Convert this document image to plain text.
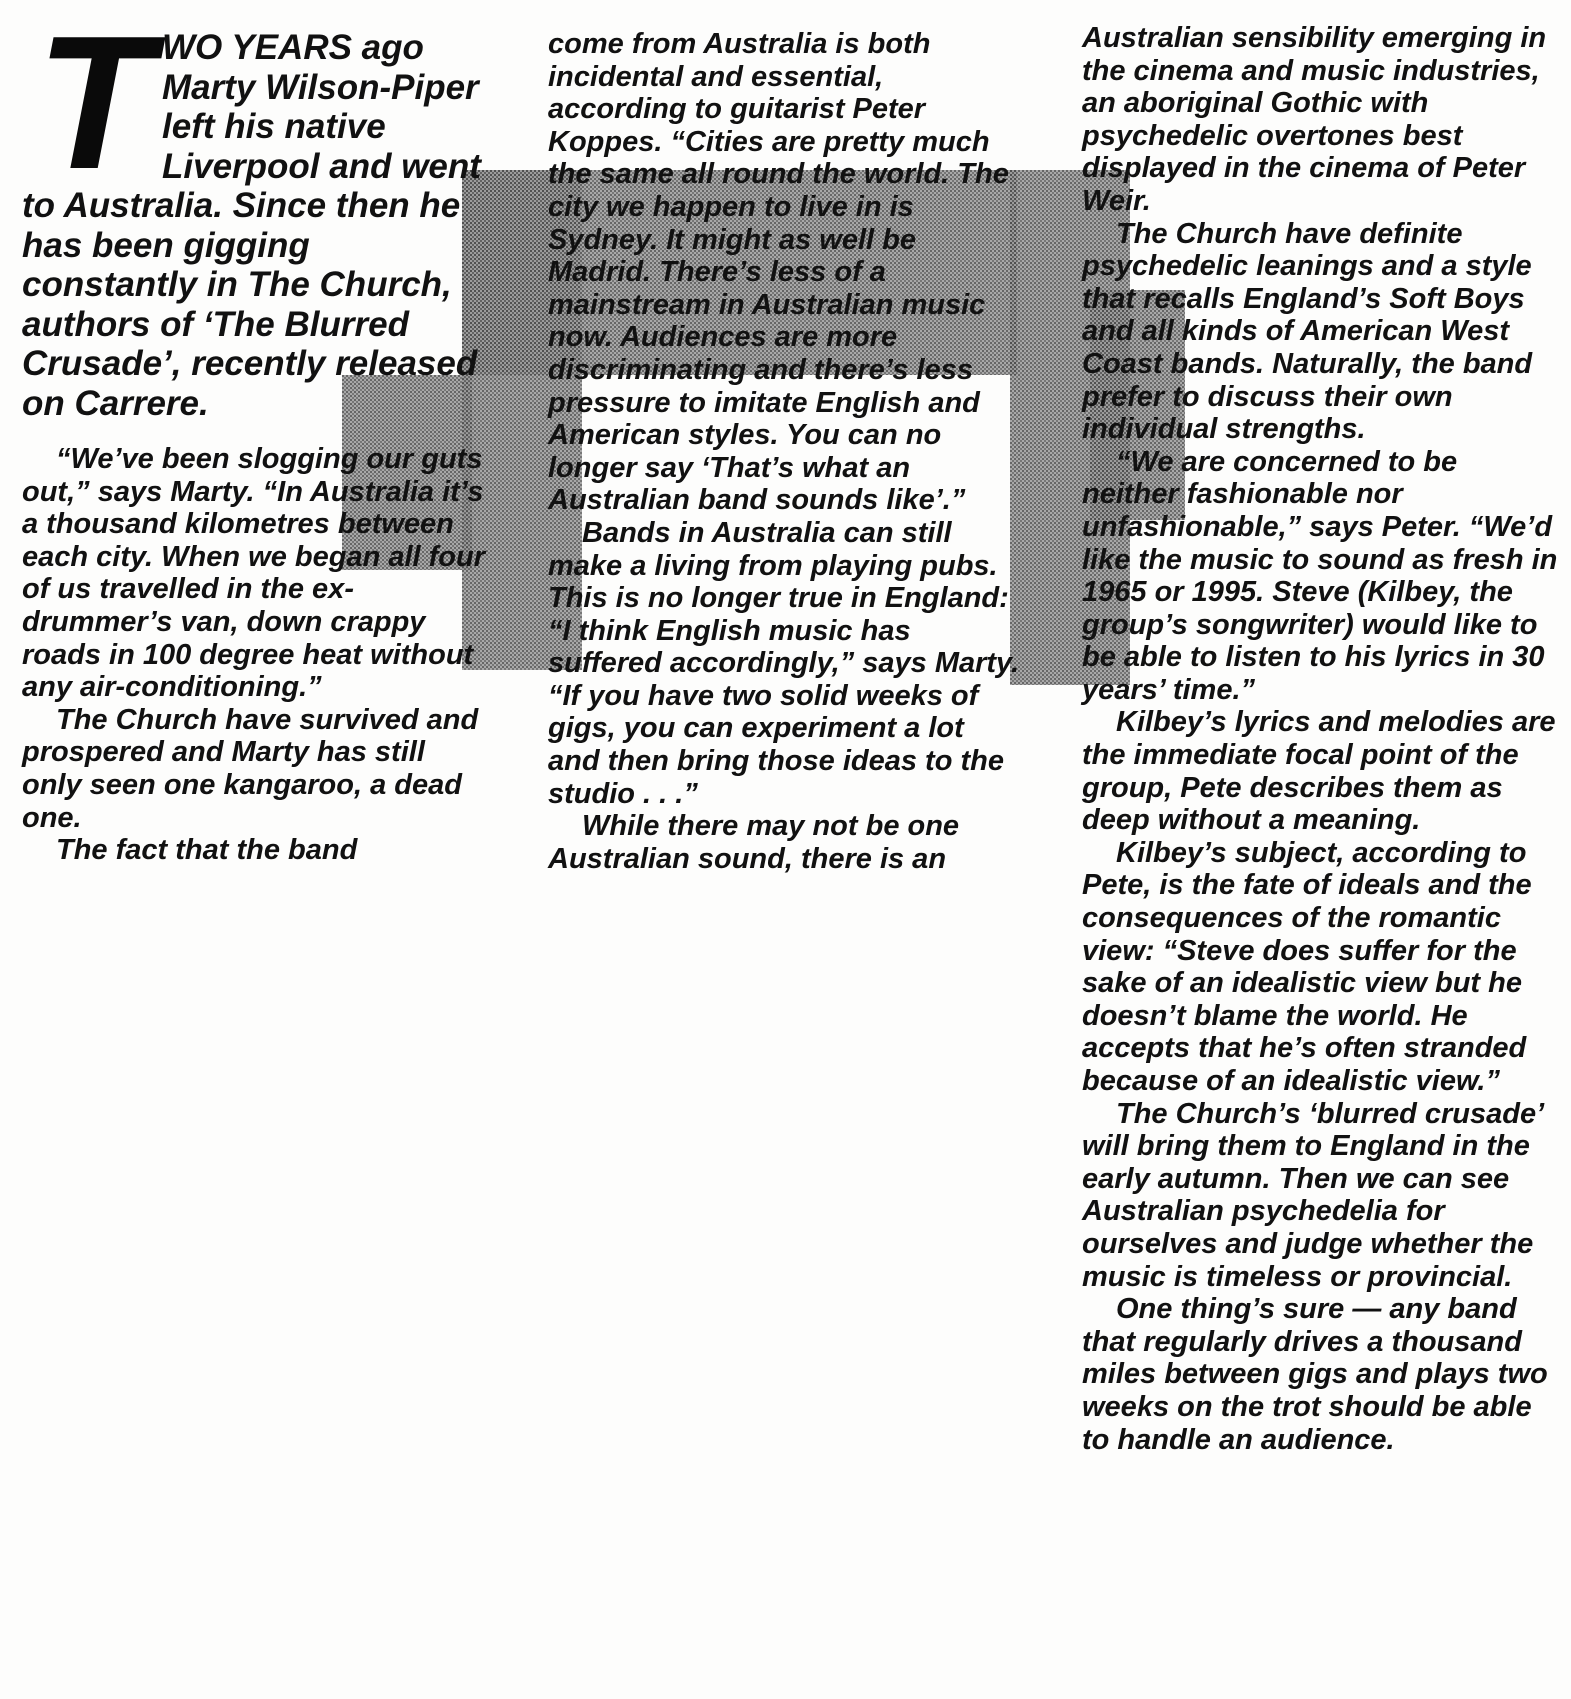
T WO YEARS ago Marty Wilson-Piper left his native Liverpool and went to Australia. Since then he has been gigging constantly in The Church, authors of ‘The Blurred Crusade’, recently released on Carrere.

“We’ve been slogging our guts out,” says Marty. “In Australia it’s a thousand kilometres between each city. When we began all four of us travelled in the ex-drummer’s van, down crappy roads in 100 degree heat without any air-conditioning.”

The Church have survived and prospered and Marty has still only seen one kangaroo, a dead one.

The fact that the band

come from Australia is both incidental and essential, according to guitarist Peter Koppes. “Cities are pretty much the same all round the world. The city we happen to live in is Sydney. It might as well be Madrid. There’s less of a mainstream in Australian music now. Audiences are more discriminating and there’s less pressure to imitate English and American styles. You can no longer say ‘That’s what an Australian band sounds like’.”

Bands in Australia can still make a living from playing pubs. This is no longer true in England: “I think English music has suffered accordingly,” says Marty. “If you have two solid weeks of gigs, you can experiment a lot and then bring those ideas to the studio . . .”

While there may not be one Australian sound, there is an

Australian sensibility emerging in the cinema and music industries, an aboriginal Gothic with psychedelic overtones best displayed in the cinema of Peter Weir.

The Church have definite psychedelic leanings and a style that recalls England’s Soft Boys and all kinds of American West Coast bands. Naturally, the band prefer to discuss their own individual strengths.

“We are concerned to be neither fashionable nor unfashionable,” says Peter. “We’d like the music to sound as fresh in 1965 or 1995. Steve (Kilbey, the group’s songwriter) would like to be able to listen to his lyrics in 30 years’ time.”

Kilbey’s lyrics and melodies are the immediate focal point of the group, Pete describes them as deep without a meaning.

Kilbey’s subject, according to Pete, is the fate of ideals and the consequences of the romantic view: “Steve does suffer for the sake of an idealistic view but he doesn’t blame the world. He accepts that he’s often stranded because of an idealistic view.”

The Church’s ‘blurred crusade’ will bring them to England in the early autumn. Then we can see Australian psychedelia for ourselves and judge whether the music is timeless or provincial.

One thing’s sure — any band that regularly drives a thousand miles between gigs and plays two weeks on the trot should be able to handle an audience.
